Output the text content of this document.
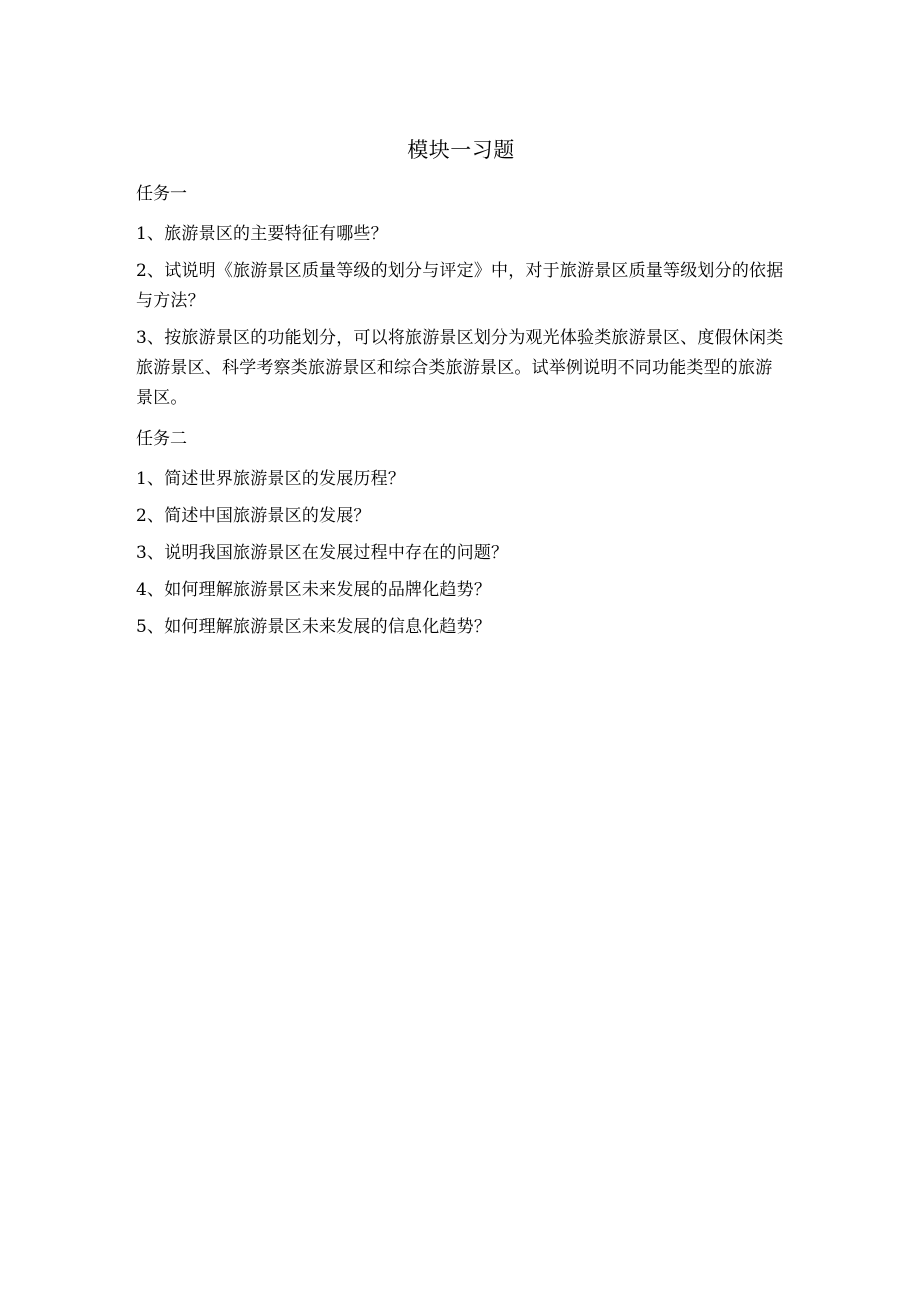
模块一习题
任务一
1、旅游景区的主要特征有哪些？
2、试说明《旅游景区质量等级的划分与评定》中，对于旅游景区质量等级划分的依据与方法？
3、按旅游景区的功能划分，可以将旅游景区划分为观光体验类旅游景区、度假休闲类旅游景区、科学考察类旅游景区和综合类旅游景区。试举例说明不同功能类型的旅游景区。
任务二
1、简述世界旅游景区的发展历程？
2、简述中国旅游景区的发展？
3、说明我国旅游景区在发展过程中存在的问题？
4、如何理解旅游景区未来发展的品牌化趋势？
5、如何理解旅游景区未来发展的信息化趋势？
